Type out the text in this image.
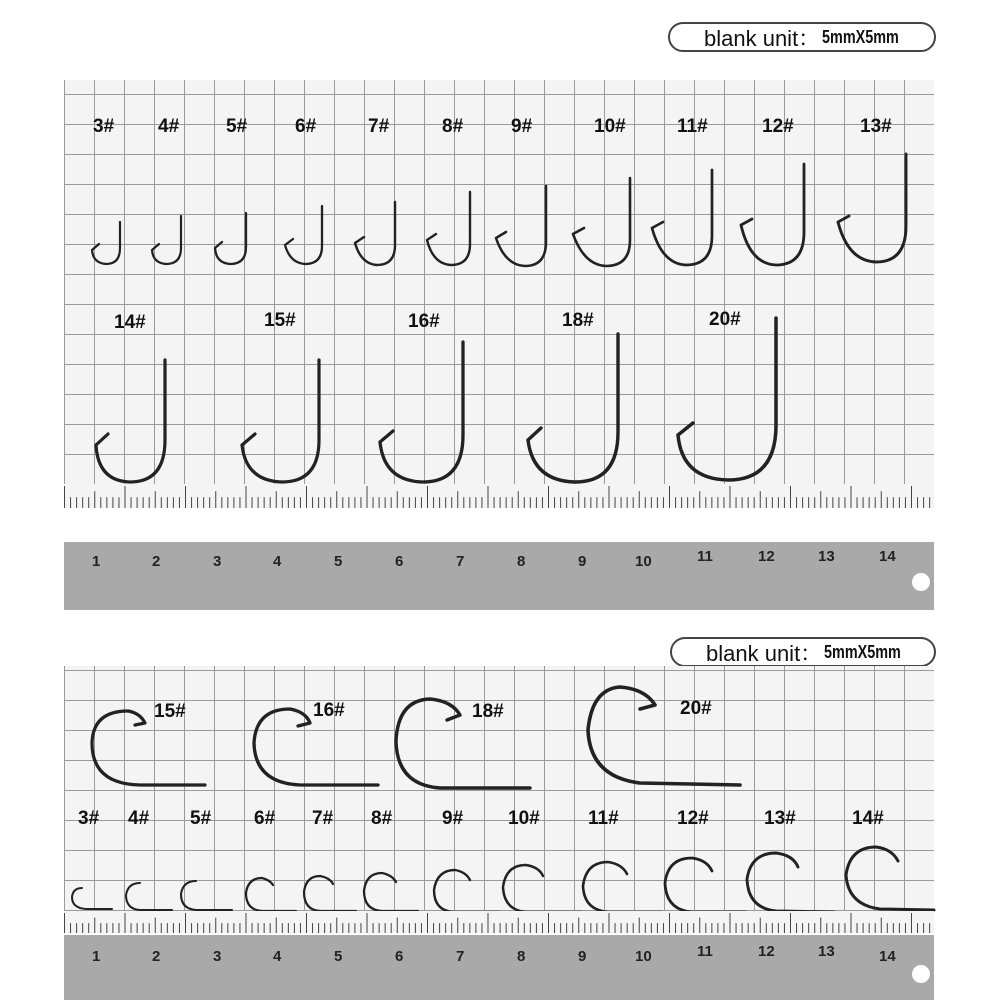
blank unit： 5mmX5mm
3# 4# 5#	6#	7#	8#	9#	10#	11#	12#	13#
14#	15#	16#	18#	20#
1	2	3	4	5	6	7	8	9	10	11	12	13	14
blank unit： 5mmX5mm
15#	16#	18#	20#
3# 4# 5# 6# 7# 8#	9# 10#	11#	12#	13#	14#
1	2	3	4	5	6	7	8	9	10	11	12	13	14
